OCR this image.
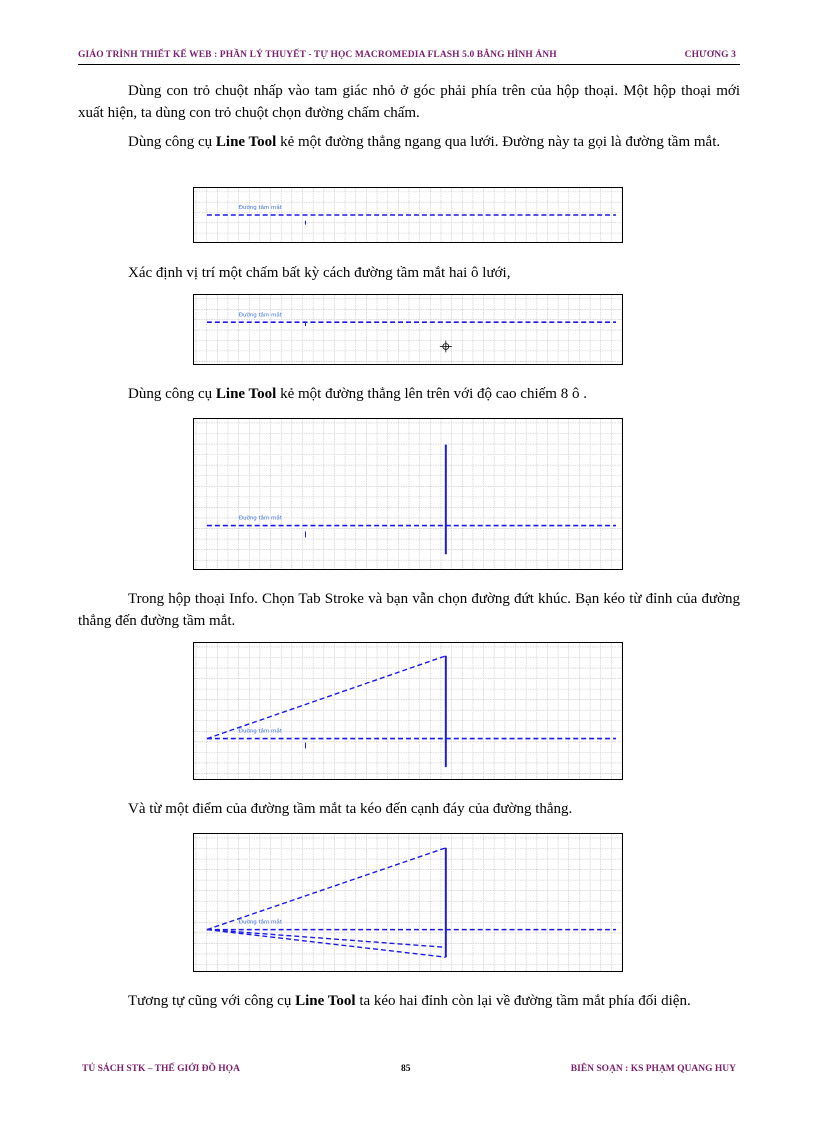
GIÁO TRÌNH THIẾT KẾ WEB : PHẦN LÝ THUYẾT - TỰ HỌC MACROMEDIA FLASH 5.0 BẰNG HÌNH ẢNH	CHƯƠNG 3
Dùng con trỏ chuột nhấp vào tam giác nhỏ ở góc phải phía trên của hộp thoại. Một hộp thoại mới xuất hiện, ta dùng con trỏ chuột chọn đường chấm chấm.
Dùng công cụ Line Tool kẻ một đường thẳng ngang qua lưới. Đường này ta gọi là đường tầm mắt.
Đường tầm mắt
Xác định vị trí một chấm bất kỳ cách đường tầm mắt hai ô lưới,
Đường tầm mắt
Dùng công cụ Line Tool kẻ một đường thẳng lên trên với độ cao chiếm 8 ô .
Đường tầm mắt
Trong hộp thoại Info. Chọn Tab Stroke và bạn vẫn chọn đường đứt khúc. Bạn kéo từ đỉnh của đường thẳng đến đường tầm mắt.
Đường tầm mắt
Và từ một điểm của đường tầm mắt ta kéo đến cạnh đáy của đường thẳng.
Đường tầm mắt
Tương tự cũng với công cụ Line Tool ta kéo hai đỉnh còn lại về đường tầm mắt phía đối diện.
TỦ SÁCH STK – THẾ GIỚI ĐỒ HỌA	85	BIÊN SOẠN : KS PHẠM QUANG HUY
